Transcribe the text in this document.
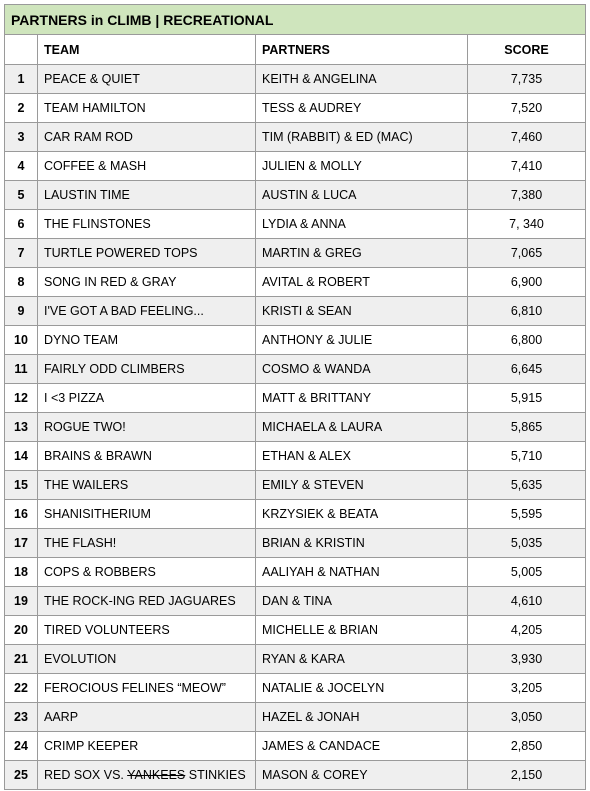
PARTNERS in CLIMB | RECREATIONAL			
	TEAM	PARTNERS	SCORE
1	PEACE & QUIET	KEITH & ANGELINA	7,735
2	TEAM HAMILTON	TESS & AUDREY	7,520
3	CAR RAM ROD	TIM (RABBIT) & ED (MAC)	7,460
4	COFFEE & MASH	JULIEN & MOLLY	7,410
5	LAUSTIN TIME	AUSTIN & LUCA	7,380
6	THE FLINSTONES	LYDIA & ANNA	7, 340
7	TURTLE POWERED TOPS	MARTIN & GREG	7,065
8	SONG IN RED & GRAY	AVITAL & ROBERT	6,900
9	I'VE GOT A BAD FEELING...	KRISTI & SEAN	6,810
10	DYNO TEAM	ANTHONY & JULIE	6,800
11	FAIRLY ODD CLIMBERS	COSMO & WANDA	6,645
12	I <3 PIZZA	MATT & BRITTANY	5,915
13	ROGUE TWO!	MICHAELA & LAURA	5,865
14	BRAINS & BRAWN	ETHAN & ALEX	5,710
15	THE WAILERS	EMILY & STEVEN	5,635
16	SHANISITHERIUM	KRZYSIEK & BEATA	5,595
17	THE FLASH!	BRIAN & KRISTIN	5,035
18	COPS & ROBBERS	AALIYAH & NATHAN	5,005
19	THE ROCK-ING RED JAGUARES	DAN & TINA	4,610
20	TIRED VOLUNTEERS	MICHELLE & BRIAN	4,205
21	EVOLUTION	RYAN & KARA	3,930
22	FEROCIOUS FELINES “MEOW”	NATALIE & JOCELYN	3,205
23	AARP	HAZEL & JONAH	3,050
24	CRIMP KEEPER	JAMES & CANDACE	2,850
25	RED SOX VS. YANKEES STINKIES	MASON & COREY	2,150
